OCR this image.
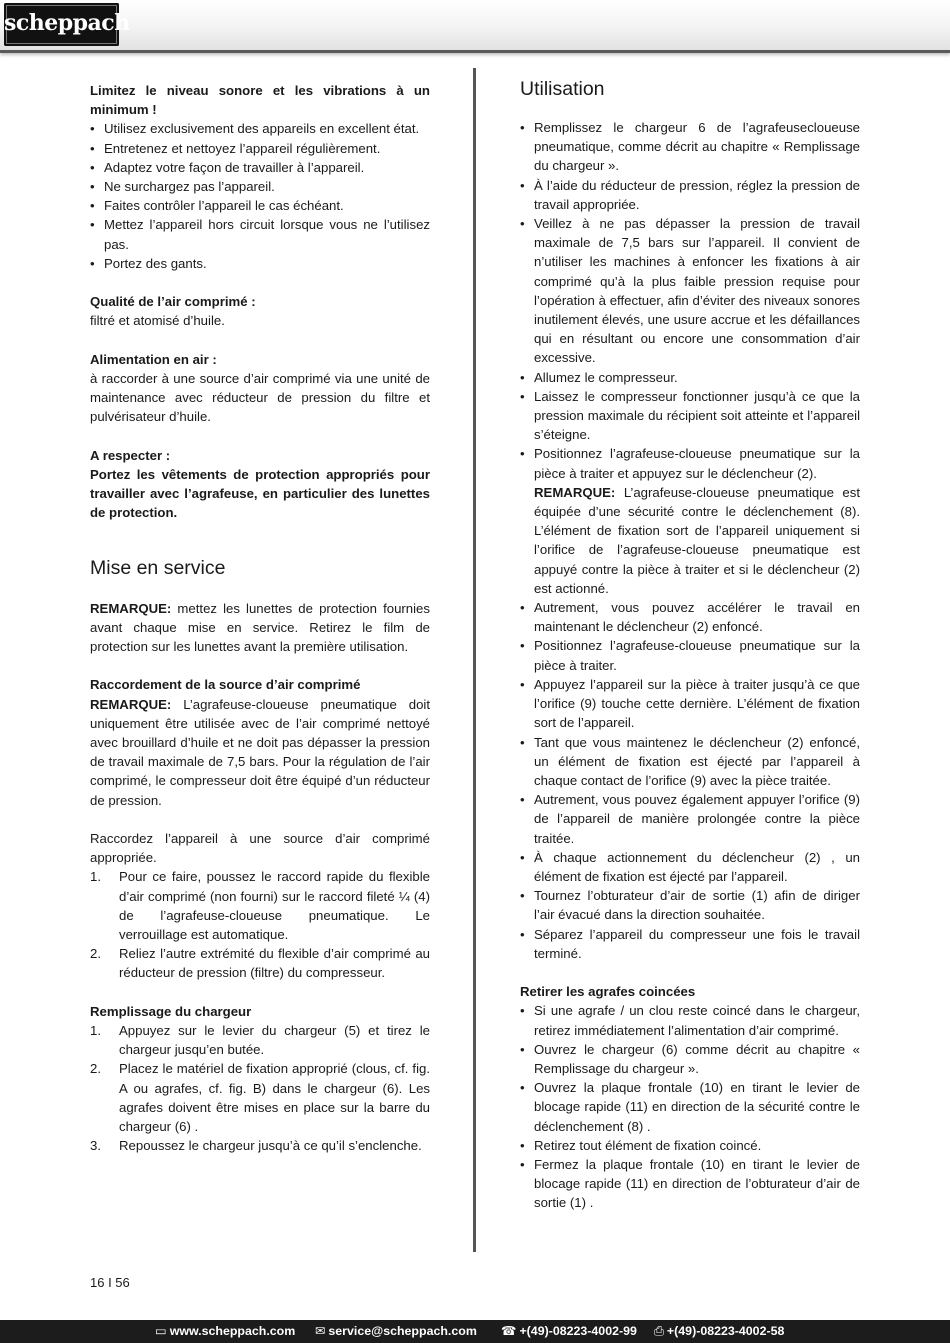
scheppach

Limitez le niveau sonore et les vibrations à un minimum !

• Utilisez exclusivement des appareils en excellent état.
• Entretenez et nettoyez l’appareil régulièrement.
• Adaptez votre façon de travailler à l’appareil.
• Ne surchargez pas l’appareil.
• Faites contrôler l’appareil le cas échéant.
• Mettez l’appareil hors circuit lorsque vous ne l’utilisez pas.
• Portez des gants.

Qualité de l’air comprimé :

filtré et atomisé d’huile.

Alimentation en air :

à raccorder à une source d’air comprimé via une unité de maintenance avec réducteur de pression du filtre et pulvérisateur d’huile.

A respecter :

Portez les vêtements de protection appropriés pour travailler avec l’agrafeuse, en particulier des lunettes de protection.

Mise en service

REMARQUE: mettez les lunettes de protection fournies avant chaque mise en service. Retirez le film de protection sur les lunettes avant la première utilisation.

Raccordement de la source d’air comprimé

REMARQUE: L’agrafeuse-cloueuse pneumatique doit uniquement être utilisée avec de l’air comprimé nettoyé avec brouillard d’huile et ne doit pas dépasser la pression de travail maximale de 7,5 bars. Pour la régulation de l’air comprimé, le compresseur doit être équipé d’un réducteur de pression.

Raccordez l’appareil à une source d’air comprimé appropriée.

1. Pour ce faire, poussez le raccord rapide du flexible d’air comprimé (non fourni) sur le raccord fileté ¼ (4) de l’agrafeuse-cloueuse pneumatique. Le verrouillage est automatique.
2. Reliez l’autre extrémité du flexible d’air comprimé au réducteur de pression (filtre) du compresseur.

Remplissage du chargeur

1. Appuyez sur le levier du chargeur (5) et tirez le chargeur jusqu’en butée.
2. Placez le matériel de fixation approprié (clous, cf. fig. A ou agrafes, cf. fig. B) dans le chargeur (6). Les agrafes doivent être mises en place sur la barre du chargeur (6) .
3. Repoussez le chargeur jusqu’à ce qu’il s’enclenche.
Utilisation
• Remplissez le chargeur 6 de l’agrafeusecloueuse pneumatique, comme décrit au chapitre « Remplissage du chargeur ».
• À l’aide du réducteur de pression, réglez la pression de travail appropriée.
• Veillez à ne pas dépasser la pression de travail maximale de 7,5 bars sur l’appareil. Il convient de n’utiliser les machines à enfoncer les fixations à air comprimé qu’à la plus faible pression requise pour l’opération à effectuer, afin d’éviter des niveaux sonores inutilement élevés, une usure accrue et les défaillances qui en résultant ou encore une consommation d’air excessive.
• Allumez le compresseur.
• Laissez le compresseur fonctionner jusqu’à ce que la pression maximale du récipient soit atteinte et l’appareil s’éteigne.
• Positionnez l’agrafeuse-cloueuse pneumatique sur la pièce à traiter et appuyez sur le déclencheur (2).
REMARQUE: L’agrafeuse-cloueuse pneumatique est équipée d’une sécurité contre le déclenchement (8). L’élément de fixation sort de l’appareil uniquement si l’orifice de l’agrafeuse-cloueuse pneumatique est appuyé contre la pièce à traiter et si le déclencheur (2) est actionné.
• Autrement, vous pouvez accélérer le travail en maintenant le déclencheur (2) enfoncé.
• Positionnez l’agrafeuse-cloueuse pneumatique sur la pièce à traiter.
• Appuyez l’appareil sur la pièce à traiter jusqu’à ce que l’orifice (9) touche cette dernière. L’élément de fixation sort de l’appareil.
• Tant que vous maintenez le déclencheur (2) enfoncé, un élément de fixation est éjecté par l’appareil à chaque contact de l’orifice (9) avec la pièce traitée.
• Autrement, vous pouvez également appuyer l’orifice (9) de l’appareil de manière prolongée contre la pièce traitée.
• À chaque actionnement du déclencheur (2) , un élément de fixation est éjecté par l’appareil.
• Tournez l’obturateur d’air de sortie (1) afin de diriger l’air évacué dans la direction souhaitée.
• Séparez l’appareil du compresseur une fois le travail terminé.

Retirer les agrafes coincées

• Si une agrafe / un clou reste coincé dans le chargeur, retirez immédiatement l’alimentation d’air comprimé.
• Ouvrez le chargeur (6) comme décrit au chapitre « Remplissage du chargeur ».
• Ouvrez la plaque frontale (10) en tirant le levier de blocage rapide (11) en direction de la sécurité contre le déclenchement (8) .
• Retirez tout élément de fixation coincé.
• Fermez la plaque frontale (10) en tirant le levier de blocage rapide (11) en direction de l’obturateur d’air de sortie (1) .
16 I 56
▭ www.scheppach.com ✉ service@scheppach.com ☎ +(49)-08223-4002-99 ⎙ +(49)-08223-4002-58
